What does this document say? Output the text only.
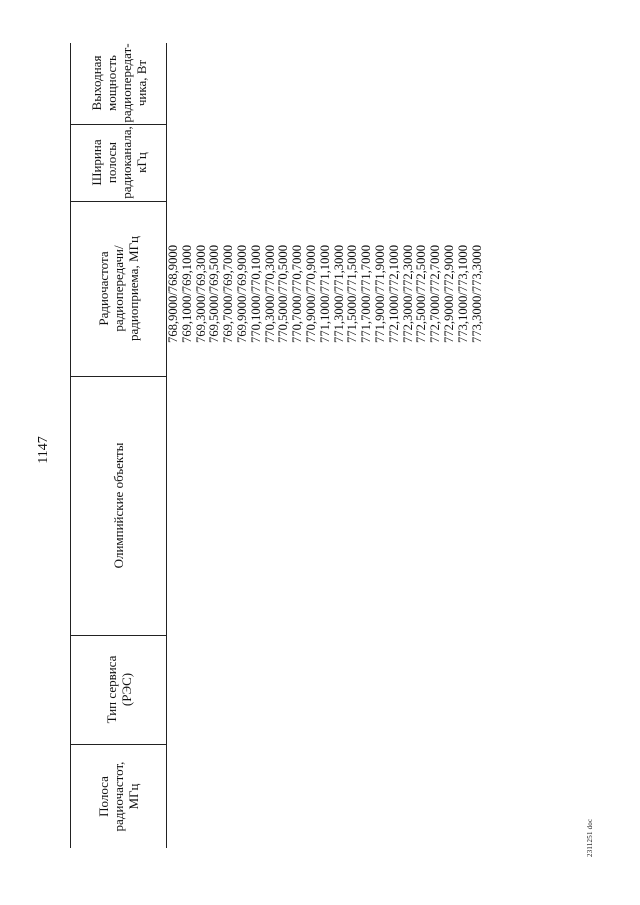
1147
Полоса
радиочастот,
МГц
Тип сервиса
(РЭС)
Олимпийские объекты
Радиочастота
радиопередачи/
радиоприема, МГц
Ширина
полосы
радиоканала,
кГц
Выходная
мощность
радиопередат-
чика, Вт
768,9000/768,9000 769,1000/769,1000 769,3000/769,3000 769,5000/769,5000 769,7000/769,7000 769,9000/769,9000 770,1000/770,1000 770,3000/770,3000 770,5000/770,5000 770,7000/770,7000 770,9000/770,9000 771,1000/771,1000 771,3000/771,3000 771,5000/771,5000 771,7000/771,7000 771,9000/771,9000 772,1000/772,1000 772,3000/772,3000 772,5000/772,5000 772,7000/772,7000 772,9000/772,9000 773,1000/773,1000 773,3000/773,3000
2311251 doc
